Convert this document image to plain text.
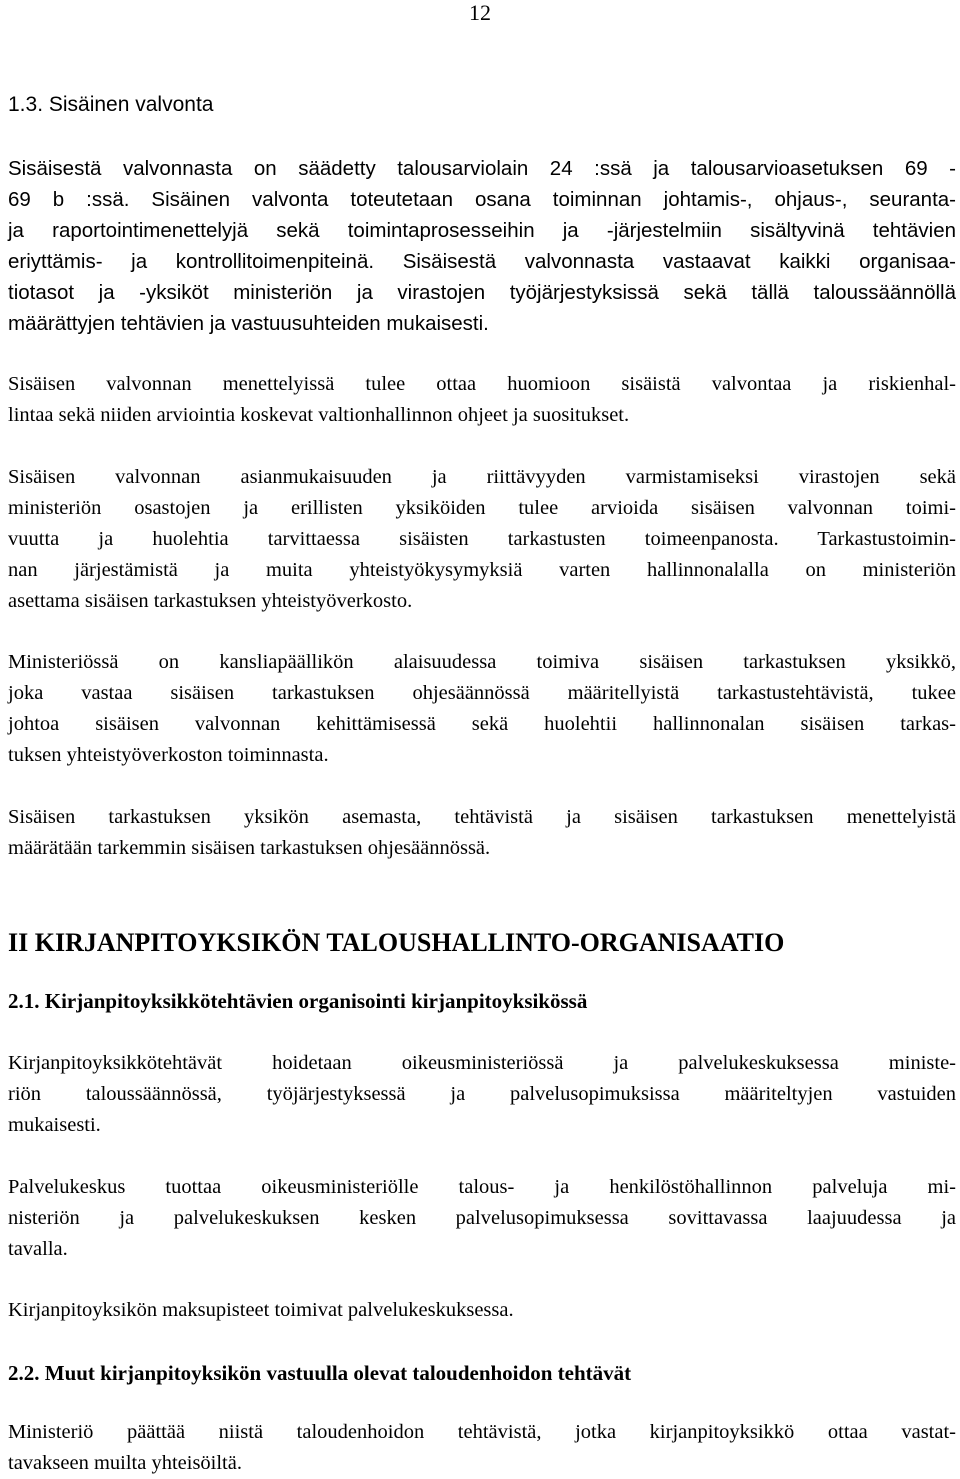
12
1.3. Sisäinen valvonta
Sisäisestä valvonnasta on säädetty talousarviolain 24 :ssä ja talousarvioasetuksen 69 -
69 b :ssä. Sisäinen valvonta toteutetaan osana toiminnan johtamis-, ohjaus-, seuranta-
ja raportointimenettelyjä sekä toimintaprosesseihin ja -järjestelmiin sisältyvinä tehtävien
eriyttämis- ja kontrollitoimenpiteinä. Sisäisestä valvonnasta vastaavat kaikki organisaa-
tiotasot ja -yksiköt ministeriön ja virastojen työjärjestyksissä sekä tällä taloussäännöllä
määrättyjen tehtävien ja vastuusuhteiden mukaisesti.
Sisäisen valvonnan menettelyissä tulee ottaa huomioon sisäistä valvontaa ja riskienhal-
lintaa sekä niiden arviointia koskevat valtionhallinnon ohjeet ja suositukset.
Sisäisen valvonnan asianmukaisuuden ja riittävyyden varmistamiseksi virastojen sekä
ministeriön osastojen ja erillisten yksiköiden tulee arvioida sisäisen valvonnan toimi-
vuutta ja huolehtia tarvittaessa sisäisten tarkastusten toimeenpanosta. Tarkastustoimin-
nan järjestämistä ja muita yhteistyökysymyksiä varten hallinnonalalla on ministeriön
asettama sisäisen tarkastuksen yhteistyöverkosto.
Ministeriössä on kansliapäällikön alaisuudessa toimiva sisäisen tarkastuksen yksikkö,
joka vastaa sisäisen tarkastuksen ohjesäännössä määritellyistä tarkastustehtävistä, tukee
johtoa sisäisen valvonnan kehittämisessä sekä huolehtii hallinnonalan sisäisen tarkas-
tuksen yhteistyöverkoston toiminnasta.
Sisäisen tarkastuksen yksikön asemasta, tehtävistä ja sisäisen tarkastuksen menettelyistä
määrätään tarkemmin sisäisen tarkastuksen ohjesäännössä.
II KIRJANPITOYKSIKÖN TALOUSHALLINTO-ORGANISAATIO
2.1. Kirjanpitoyksikkötehtävien organisointi kirjanpitoyksikössä
Kirjanpitoyksikkötehtävät hoidetaan oikeusministeriössä ja palvelukeskuksessa ministe-
riön taloussäännössä, työjärjestyksessä ja palvelusopimuksissa määriteltyjen vastuiden
mukaisesti.
Palvelukeskus tuottaa oikeusministeriölle talous- ja henkilöstöhallinnon palveluja mi-
nisteriön ja palvelukeskuksen kesken palvelusopimuksessa sovittavassa laajuudessa ja
tavalla.
Kirjanpitoyksikön maksupisteet toimivat palvelukeskuksessa.
2.2. Muut kirjanpitoyksikön vastuulla olevat taloudenhoidon tehtävät
Ministeriö päättää niistä taloudenhoidon tehtävistä, jotka kirjanpitoyksikkö ottaa vastat-
tavakseen muilta yhteisöiltä.
